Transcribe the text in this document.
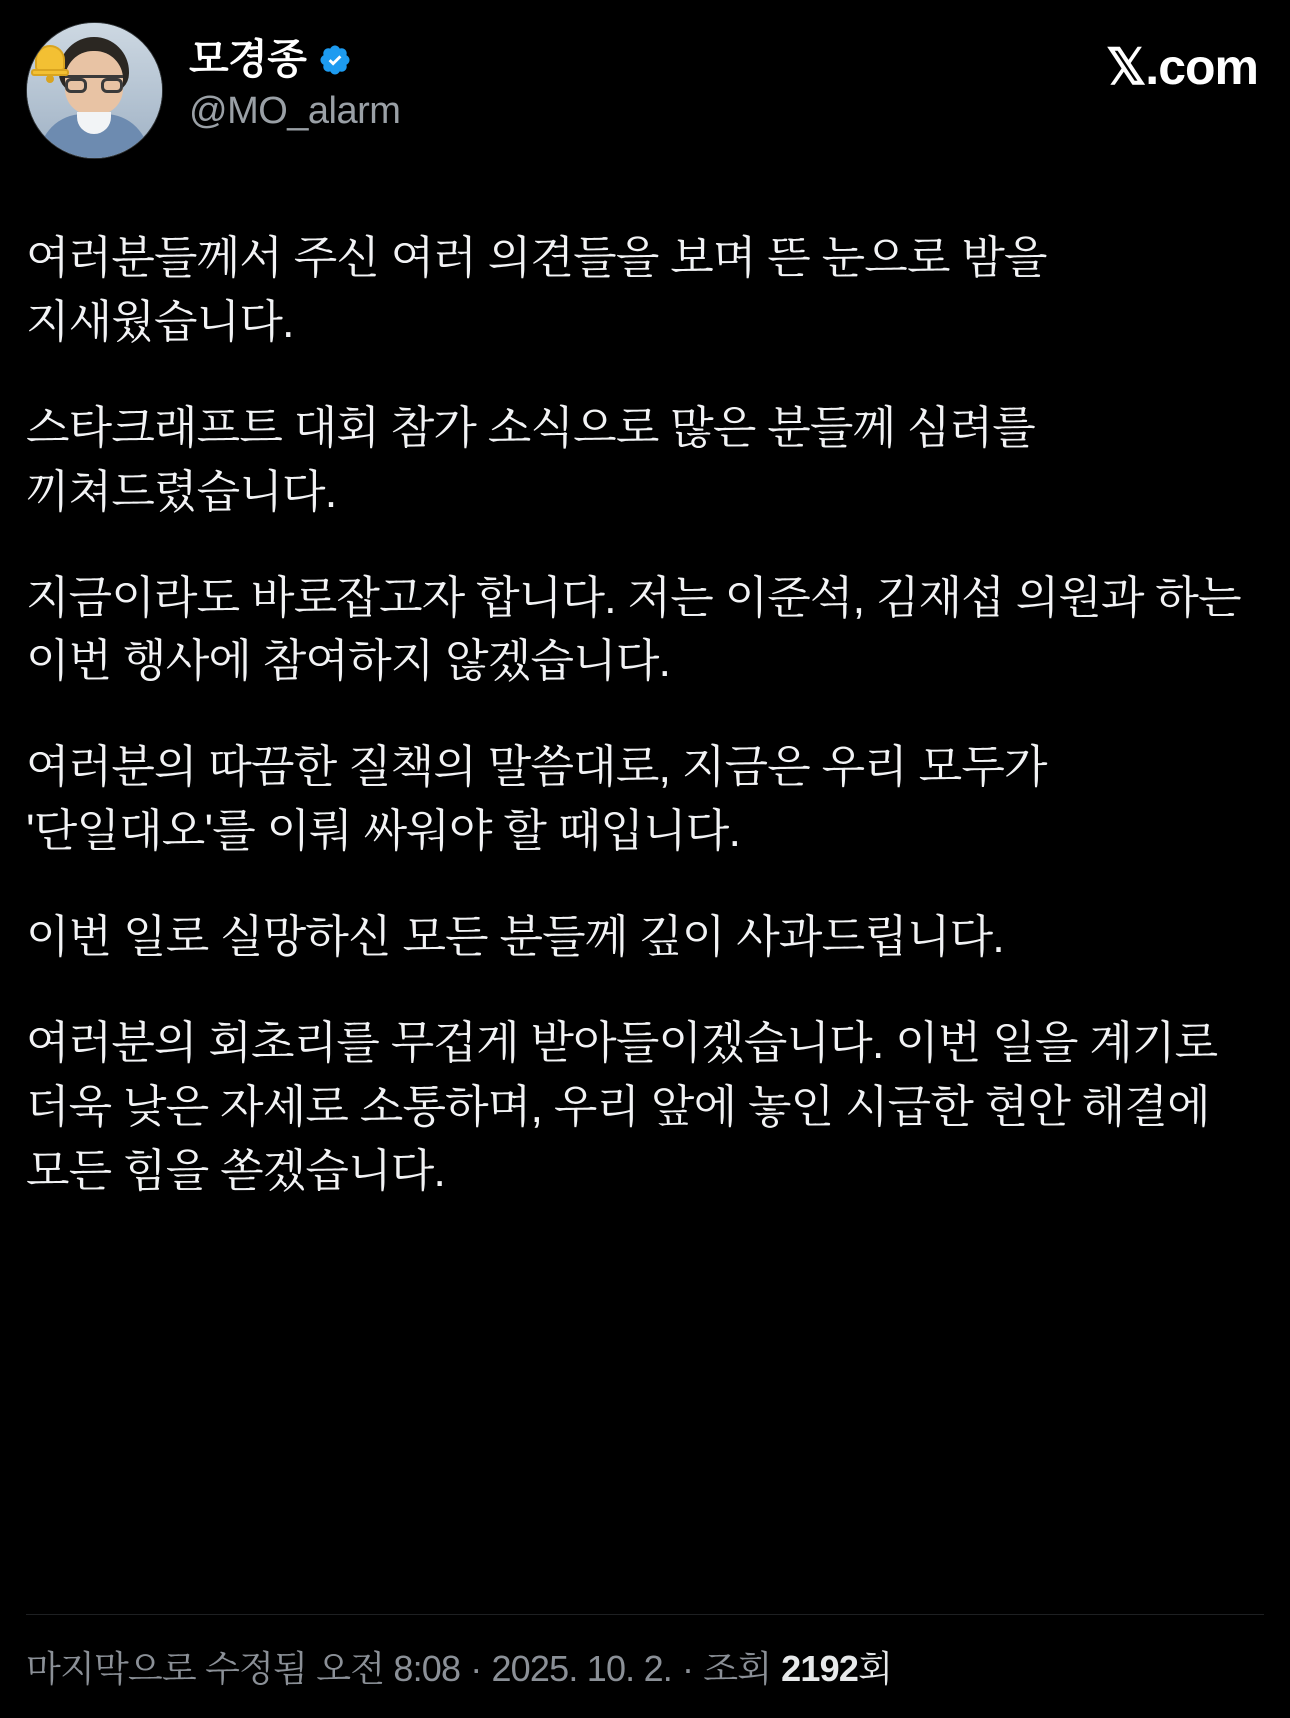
모경종
@MO_alarm
𝕏 .com

여러분들께서 주신 여러 의견들을 보며 뜬 눈으로 밤을 지새웠습니다.

스타크래프트 대회 참가 소식으로 많은 분들께 심려를 끼쳐드렸습니다.

지금이라도 바로잡고자 합니다. 저는 이준석, 김재섭 의원과 하는 이번 행사에 참여하지 않겠습니다.

여러분의 따끔한 질책의 말씀대로, 지금은 우리 모두가 '단일대오'를 이뤄 싸워야 할 때입니다.

이번 일로 실망하신 모든 분들께 깊이 사과드립니다.

여러분의 회초리를 무겁게 받아들이겠습니다. 이번 일을 계기로 더욱 낮은 자세로 소통하며, 우리 앞에 놓인 시급한 현안 해결에 모든 힘을 쏟겠습니다.

마지막으로 수정됨
오전 8:08 · 2025. 10. 2. · 조회 2192 회
